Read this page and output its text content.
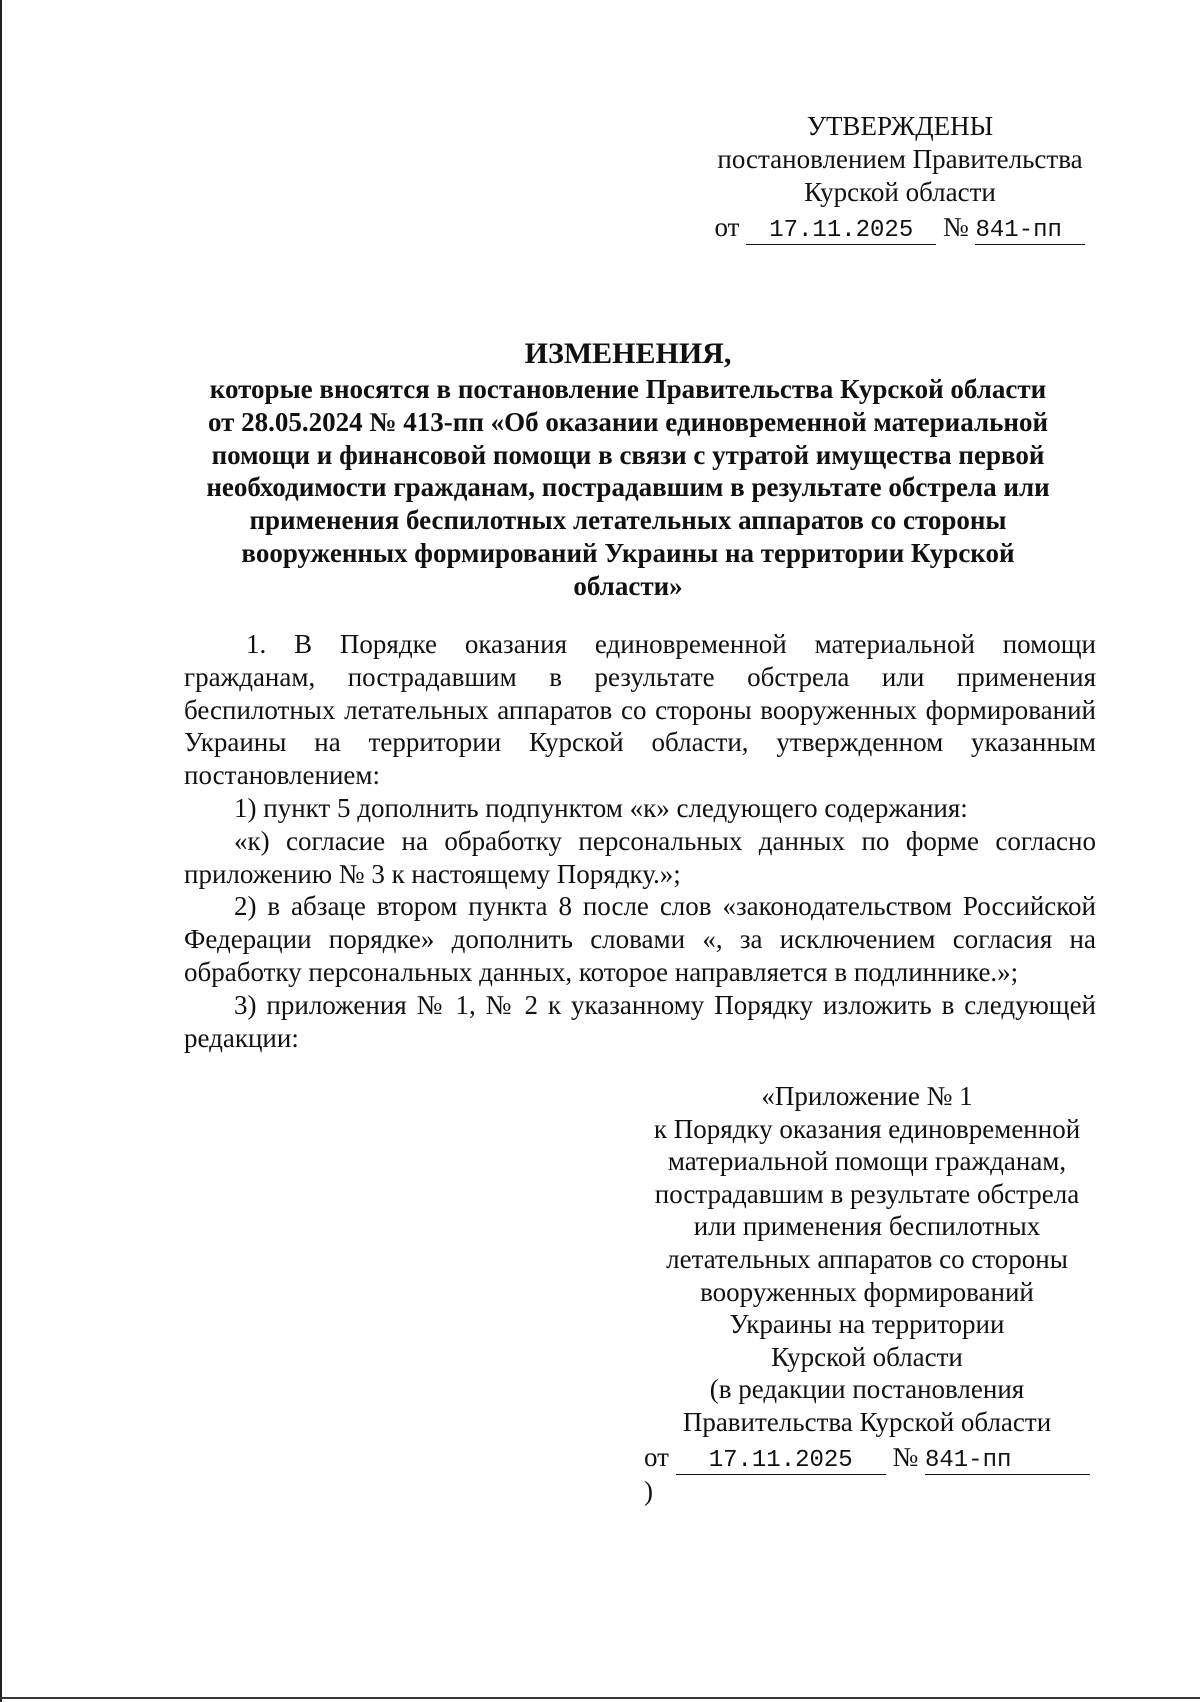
УТВЕРЖДЕНЫ
постановлением Правительства
Курской области
от 17.11.2025 № 841-пп
ИЗМЕНЕНИЯ,
которые вносятся в постановление Правительства Курской области
от 28.05.2024 № 413-пп «Об оказании единовременной материальной
помощи и финансовой помощи в связи с утратой имущества первой
необходимости гражданам, пострадавшим в результате обстрела или
применения беспилотных летательных аппаратов со стороны
вооруженных формирований Украины на территории Курской
области»

1. В Порядке оказания единовременной материальной помощи гражданам, пострадавшим в результате обстрела или применения беспилотных летательных аппаратов со стороны вооруженных формирований Украины на территории Курской области, утвержденном указанным постановлением:

1) пункт 5 дополнить подпунктом «к» следующего содержания:

«к) согласие на обработку персональных данных по форме согласно приложению № 3 к настоящему Порядку.»;

2) в абзаце втором пункта 8 после слов «законодательством Российской Федерации порядке» дополнить словами «, за исключением согласия на обработку персональных данных, которое направляется в подлиннике.»;

3) приложения № 1, № 2 к указанному Порядку изложить в следующей редакции:

«Приложение № 1
к Порядку оказания единовременной
материальной помощи гражданам,
пострадавшим в результате обстрела
или применения беспилотных
летательных аппаратов со стороны
вооруженных формирований
Украины на территории
Курской области
(в редакции постановления
Правительства Курской области
от 17.11.2025 № 841-пп )
